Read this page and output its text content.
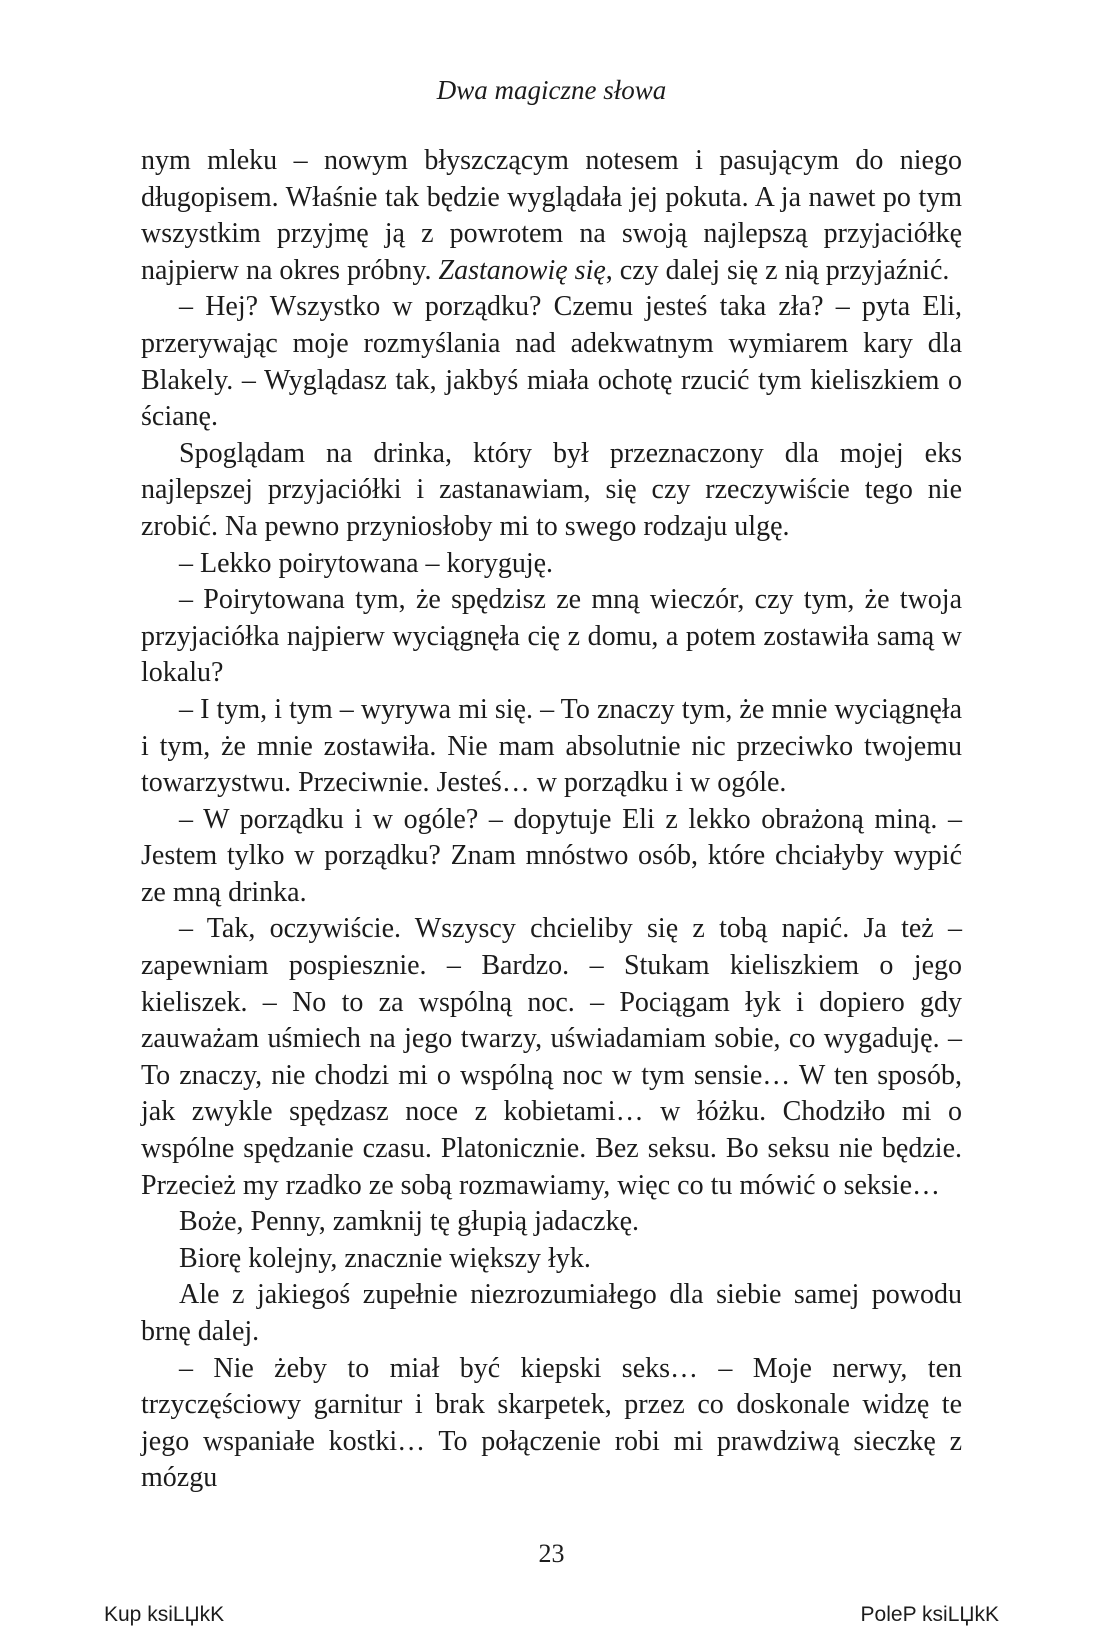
Dwa magiczne słowa

nym mleku – nowym błyszczącym notesem i pasującym do niego długopisem. Właśnie tak będzie wyglądała jej pokuta. A ja nawet po tym wszystkim przyjmę ją z powrotem na swoją najlepszą przyjaciółkę najpierw na okres próbny. Zastanowię się, czy dalej się z nią przyjaźnić.

– Hej? Wszystko w porządku? Czemu jesteś taka zła? – pyta Eli, przerywając moje rozmyślania nad adekwatnym wymiarem kary dla Blakely. – Wyglądasz tak, jakbyś miała ochotę rzucić tym kieliszkiem o ścianę.

Spoglądam na drinka, który był przeznaczony dla mojej eks najlepszej przyjaciółki i zastanawiam, się czy rzeczywiście tego nie zrobić. Na pewno przyniosłoby mi to swego rodzaju ulgę.

– Lekko poirytowana – koryguję.

– Poirytowana tym, że spędzisz ze mną wieczór, czy tym, że twoja przyjaciółka najpierw wyciągnęła cię z domu, a potem zostawiła samą w lokalu?

– I tym, i tym – wyrywa mi się. – To znaczy tym, że mnie wyciągnęła i tym, że mnie zostawiła. Nie mam absolutnie nic przeciwko twojemu towarzystwu. Przeciwnie. Jesteś… w porządku i w ogóle.

– W porządku i w ogóle? – dopytuje Eli z lekko obrażoną miną. – Jestem tylko w porządku? Znam mnóstwo osób, które chciałyby wypić ze mną drinka.

– Tak, oczywiście. Wszyscy chcieliby się z tobą napić. Ja też – zapewniam pospiesznie. – Bardzo. – Stukam kieliszkiem o jego kieliszek. – No to za wspólną noc. – Pociągam łyk i dopiero gdy zauważam uśmiech na jego twarzy, uświadamiam sobie, co wygaduję. – To znaczy, nie chodzi mi o wspólną noc w tym sensie… W ten sposób, jak zwykle spędzasz noce z kobietami… w łóżku. Chodziło mi o wspólne spędzanie czasu. Platonicznie. Bez seksu. Bo seksu nie będzie. Przecież my rzadko ze sobą rozmawiamy, więc co tu mówić o seksie…

Boże, Penny, zamknij tę głupią jadaczkę.

Biorę kolejny, znacznie większy łyk.

Ale z jakiegoś zupełnie niezrozumiałego dla siebie samej powodu brnę dalej.

– Nie żeby to miał być kiepski seks… – Moje nerwy, ten trzyczęściowy garnitur i brak skarpetek, przez co doskonale widzę te jego wspaniałe kostki… To połączenie robi mi prawdziwą sieczkę z mózgu

23
Kup ksiLЏkK	PoleP ksiLЏkK
